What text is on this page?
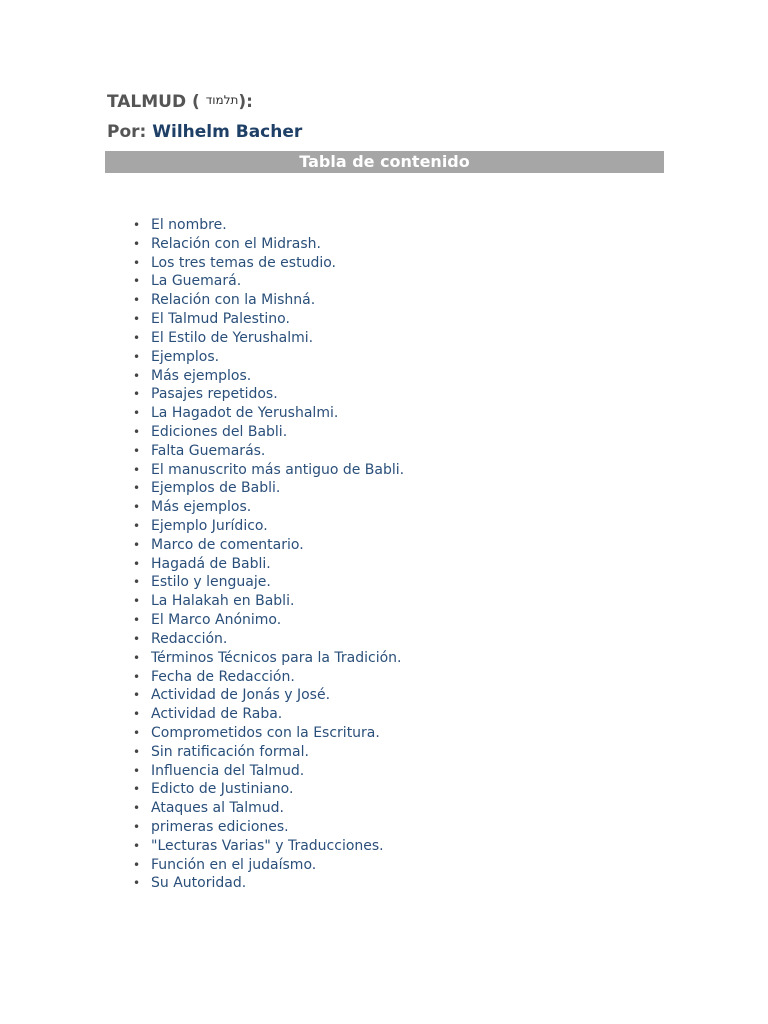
TALMUD ( תלמוד):
Por: Wilhelm Bacher
Tabla de contenido
• El nombre.
• Relación con el Midrash.
• Los tres temas de estudio.
• La Guemará.
• Relación con la Mishná.
• El Talmud Palestino.
• El Estilo de Yerushalmi.
• Ejemplos.
• Más ejemplos.
• Pasajes repetidos.
• La Hagadot de Yerushalmi.
• Ediciones del Babli.
• Falta Guemarás.
• El manuscrito más antiguo de Babli.
• Ejemplos de Babli.
• Más ejemplos.
• Ejemplo Jurídico.
• Marco de comentario.
• Hagadá de Babli.
• Estilo y lenguaje.
• La Halakah en Babli.
• El Marco Anónimo.
• Redacción.
• Términos Técnicos para la Tradición.
• Fecha de Redacción.
• Actividad de Jonás y José.
• Actividad de Raba.
• Comprometidos con la Escritura.
• Sin ratificación formal.
• Influencia del Talmud.
• Edicto de Justiniano.
• Ataques al Talmud.
• primeras ediciones.
• "Lecturas Varias" y Traducciones.
• Función en el judaísmo.
• Su Autoridad.
